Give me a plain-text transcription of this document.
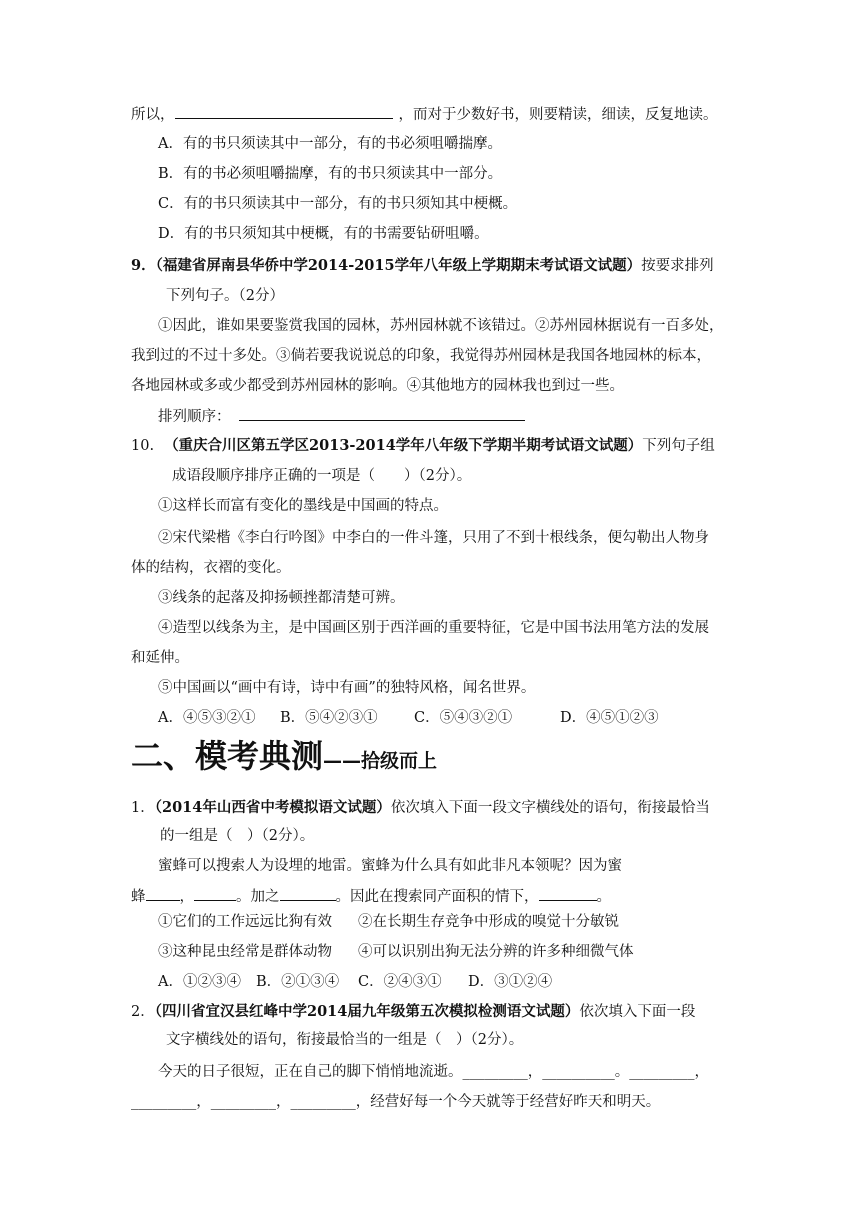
所以，	，而对于少数好书，则要精读，细读，反复地读。
A．有的书只须读其中一部分，有的书必须咀嚼揣摩。
B．有的书必须咀嚼揣摩，有的书只须读其中一部分。
C．有的书只须读其中一部分，有的书只须知其中梗概。
D．有的书只须知其中梗概，有的书需要钻研咀嚼。
9．（福建省屏南县华侨中学2014-2015学年八年级上学期期末考试语文试题）按要求排列
下列句子。（2分）
①因此，谁如果要鉴赏我国的园林，苏州园林就不该错过。②苏州园林据说有一百多处，
我到过的不过十多处。③倘若要我说说总的印象，我觉得苏州园林是我国各地园林的标本，
各地园林或多或少都受到苏州园林的影响。④其他地方的园林我也到过一些。
排列顺序：
10. （重庆合川区第五学区2013-2014学年八年级下学期半期考试语文试题）下列句子组
成语段顺序排序正确的一项是（　　）（2分）。
①这样长而富有变化的墨线是中国画的特点。
②宋代梁楷《李白行吟图》中李白的一件斗篷，只用了不到十根线条，便勾勒出人物身
体的结构，衣褶的变化。
③线条的起落及抑扬顿挫都清楚可辨。
④造型以线条为主，是中国画区别于西洋画的重要特征，它是中国书法用笔方法的发展
和延伸。
⑤中国画以“画中有诗，诗中有画”的独特风格，闻名世界。
A．④⑤③②① B．⑤④②③①	C．⑤④③②①	D．④⑤①②③
二、模考典测——拾级而上
1．（2014年山西省中考模拟语文试题）依次填入下面一段文字横线处的语句，衔接最恰当
的一组是（　）（2分）。
蜜蜂可以搜索人为设埋的地雷。蜜蜂为什么具有如此非凡本领呢？因为蜜
蜂 ，	。加之	。因此在搜索同产面积的情下，	。
①它们的工作远远比狗有效 ②在长期生存竞争中形成的嗅觉十分敏锐
③这种昆虫经常是群体动物 ④可以识别出狗无法分辨的许多种细微气体
A．①②③④ B．②①③④ C．②④③① D．③①②④
2．（四川省宜汉县红峰中学2014届九年级第五次模拟检测语文试题）依次填入下面一段
文字横线处的语句，衔接最恰当的一组是（　）（2分）。
今天的日子很短，正在自己的脚下悄悄地流逝。_________，__________。_________，
_________，_________，_________，经营好每一个今天就等于经营好昨天和明天。
